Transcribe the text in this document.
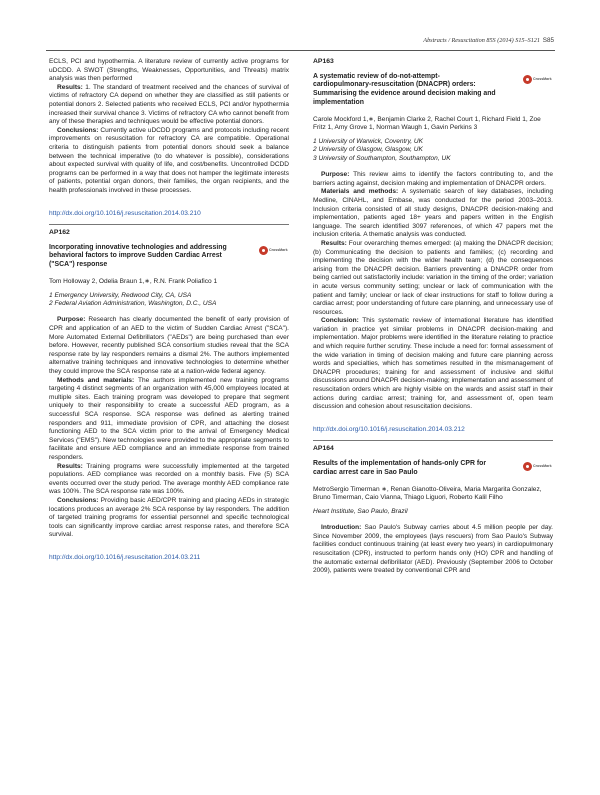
Abstracts / Resuscitation 85S (2014) S15–S121 S85

ECLS, PCI and hypothermia. A literature review of currently active programs for uDCDD. A SWOT (Strengths, Weaknesses, Opportunities, and Threats) matrix analysis was then performed

Results: 1. The standard of treatment received and the chances of survival of victims of refractory CA depend on whether they are classified as still patients or potential donors 2. Selected patients who received ECLS, PCI and/or hypothermia increased their survival chance 3. Victims of refractory CA who cannot benefit from any of these therapies and techniques would be effective potential donors.

Conclusions: Currently active uDCDD programs and protocols including recent improvements on resuscitation for refractory CA are compatible. Operational criteria to distinguish patients from potential donors should seek a balance between the technical imperative (to do whatever is possible), considerations about expected survival with quality of life, and cost/benefits. Uncontrolled DCDD programs can be performed in a way that does not hamper the legitimate interests of patients, potential organ donors, their families, the organ recipients, and the health professionals involved in these processes.

http://dx.doi.org/10.1016/j.resuscitation.2014.03.210
AP162
Incorporating innovative technologies and addressing behavioral factors to improve Sudden Cardiac Arrest ("SCA") response
CrossMark
Tom Holloway 2, Odelia Braun 1,∗, R.N. Frank Poliafico 1
1 Emergency University, Redwood City, CA, USA
2 Federal Aviation Administration, Washington, D.C., USA

Purpose: Research has clearly documented the benefit of early provision of CPR and application of an AED to the victim of Sudden Cardiac Arrest ("SCA"). More Automated External Defibrillators ("AEDs") are being purchased than ever before. However, recently published SCA consortium studies reveal that the SCA response rate by lay responders remains a dismal 2%. The authors implemented alternative training techniques and innovative technologies to determine whether they could improve the SCA response rate at a nation-wide federal agency.

Methods and materials: The authors implemented new training programs targeting 4 distinct segments of an organization with 45,000 employees located at multiple sites. Each training program was developed to prepare that segment uniquely to their responsibility to create a successful AED program, as a successful SCA response. SCA response was defined as alerting trained responders and 911, immediate provision of CPR, and attaching the closest functioning AED to the SCA victim prior to the arrival of Emergency Medical Services ("EMS"). New technologies were provided to the appropriate segments to facilitate and ensure AED compliance and an immediate response from trained responders.

Results: Training programs were successfully implemented at the targeted populations. AED compliance was recorded on a monthly basis. Five (5) SCA events occurred over the study period. The average monthly AED compliance rate was 100%. The SCA response rate was 100%.

Conclusions: Providing basic AED/CPR training and placing AEDs in strategic locations produces an average 2% SCA response by lay responders. The addition of targeted training programs for essential personnel and specific technological tools can significantly improve cardiac arrest response rates, and therefore SCA survival.

http://dx.doi.org/10.1016/j.resuscitation.2014.03.211
AP163
A systematic review of do-not-attempt-cardiopulmonary-resuscitation (DNACPR) orders: Summarising the evidence around decision making and implementation
CrossMark
Carole Mockford 1,∗, Benjamin Clarke 2, Rachel Court 1, Richard Field 1, Zoe Fritz 1, Amy Grove 1, Norman Waugh 1, Gavin Perkins 3
1 University of Warwick, Coventry, UK
2 University of Glasgow, Glasgow, UK
3 University of Southampton, Southampton, UK

Purpose: This review aims to identify the factors contributing to, and the barriers acting against, decision making and implementation of DNACPR orders.

Materials and methods: A systematic search of key databases, including Medline, CINAHL, and Embase, was conducted for the period 2003–2013. Inclusion criteria consisted of all study designs, DNACPR decision-making and implementation, patients aged 18+ years and papers written in the English language. The search identified 3097 references, of which 47 papers met the inclusion criteria. A thematic analysis was conducted.

Results: Four overarching themes emerged: (a) making the DNACPR decision; (b) Communicating the decision to patients and families; (c) recording and implementing the decision with the wider health team; (d) the consequences arising from the DNACPR decision. Barriers preventing a DNACPR order from being carried out satisfactorily include: variation in the timing of the order; variation in acute versus community setting; unclear or lack of communication with the patient and family; unclear or lack of clear instructions for staff to follow during a cardiac arrest; poor understanding of future care planning, and unnecessary use of resources.

Conclusion: This systematic review of international literature has identified variation in practice yet similar problems in DNACPR decision-making and implementation. Major problems were identified in the literature relating to practice and which require further scrutiny. These include a need for: formal assessment of the wide variation in timing of decision making and future care planning across words and specialties, which has sometimes resulted in the mismanagement of DNACPR procedures; training for and assessment of inclusive and skilful discussions around DNACPR decision-making; implementation and assessment of resuscitation orders which are highly visible on the wards and assist staff in their actions during cardiac arrest; training for, and assessment of, open team discussion and cohesion about resuscitation decisions.

http://dx.doi.org/10.1016/j.resuscitation.2014.03.212
AP164
Results of the implementation of hands-only CPR for cardiac arrest care in Sao Paulo
CrossMark
MetroSergio Timerman ∗, Renan Gianotto-Oliveira, Maria Margarita Gonzalez, Bruno Timerman, Caio Vianna, Thiago Liguori, Roberto Kalil Filho
Heart Institute, Sao Paulo, Brazil

Introduction: Sao Paulo's Subway carries about 4.5 million people per day. Since November 2009, the employees (lays rescuers) from Sao Paulo's Subway facilities conduct continuous training (at least every two years) in cardiopulmonary resuscitation (CPR), instructed to perform hands only (HO) CPR and handling of the automatic external defibrillator (AED). Previously (September 2006 to October 2009), patients were treated by conventional CPR and
